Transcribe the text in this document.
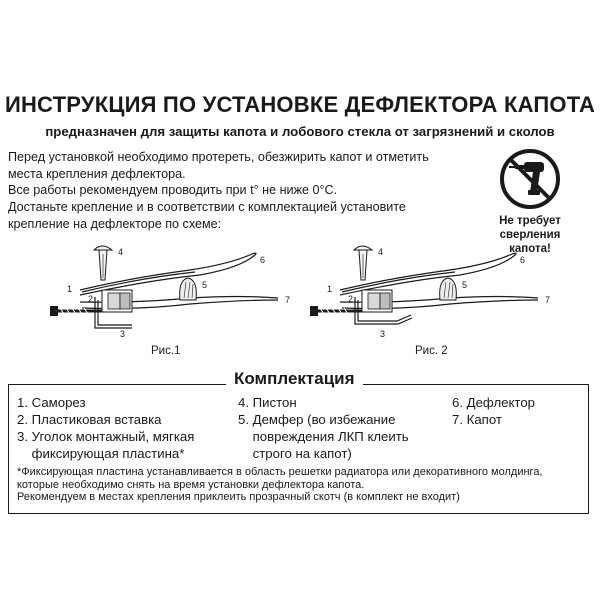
ИНСТРУКЦИЯ ПО УСТАНОВКЕ ДЕФЛЕКТОРА КАПОТА
предназначен для защиты капота и лобового стекла от загрязнений и сколов
Перед установкой необходимо протереть, обезжирить капот и отметить
места крепления дефлектора.
Все работы рекомендуем проводить при t° не ниже 0°С.
Достаньте крепление и в соответствии с комплектацией установите
крепление на дефлекторе по схеме:	Не требует
сверления капота!
1
2
3
4
5
6
7
1
2
3
4
5
6
7
Рис.1	Рис. 2
Комплектация
1. Саморез
2. Пластиковая вставка
3. Уголок монтажный, мягкая
фиксирующая пластина*
4. Пистон
5. Демфер (во избежание
повреждения ЛКП клеить
строго на капот)
6. Дефлектор
7. Капот
*Фиксирующая пластина устанавливается в область решетки радиатора или декоративного молдинга,
которые необходимо снять на время установки дефлектора капота.
Рекомендуем в местах крепления приклеить прозрачный скотч (в комплект не входит)
